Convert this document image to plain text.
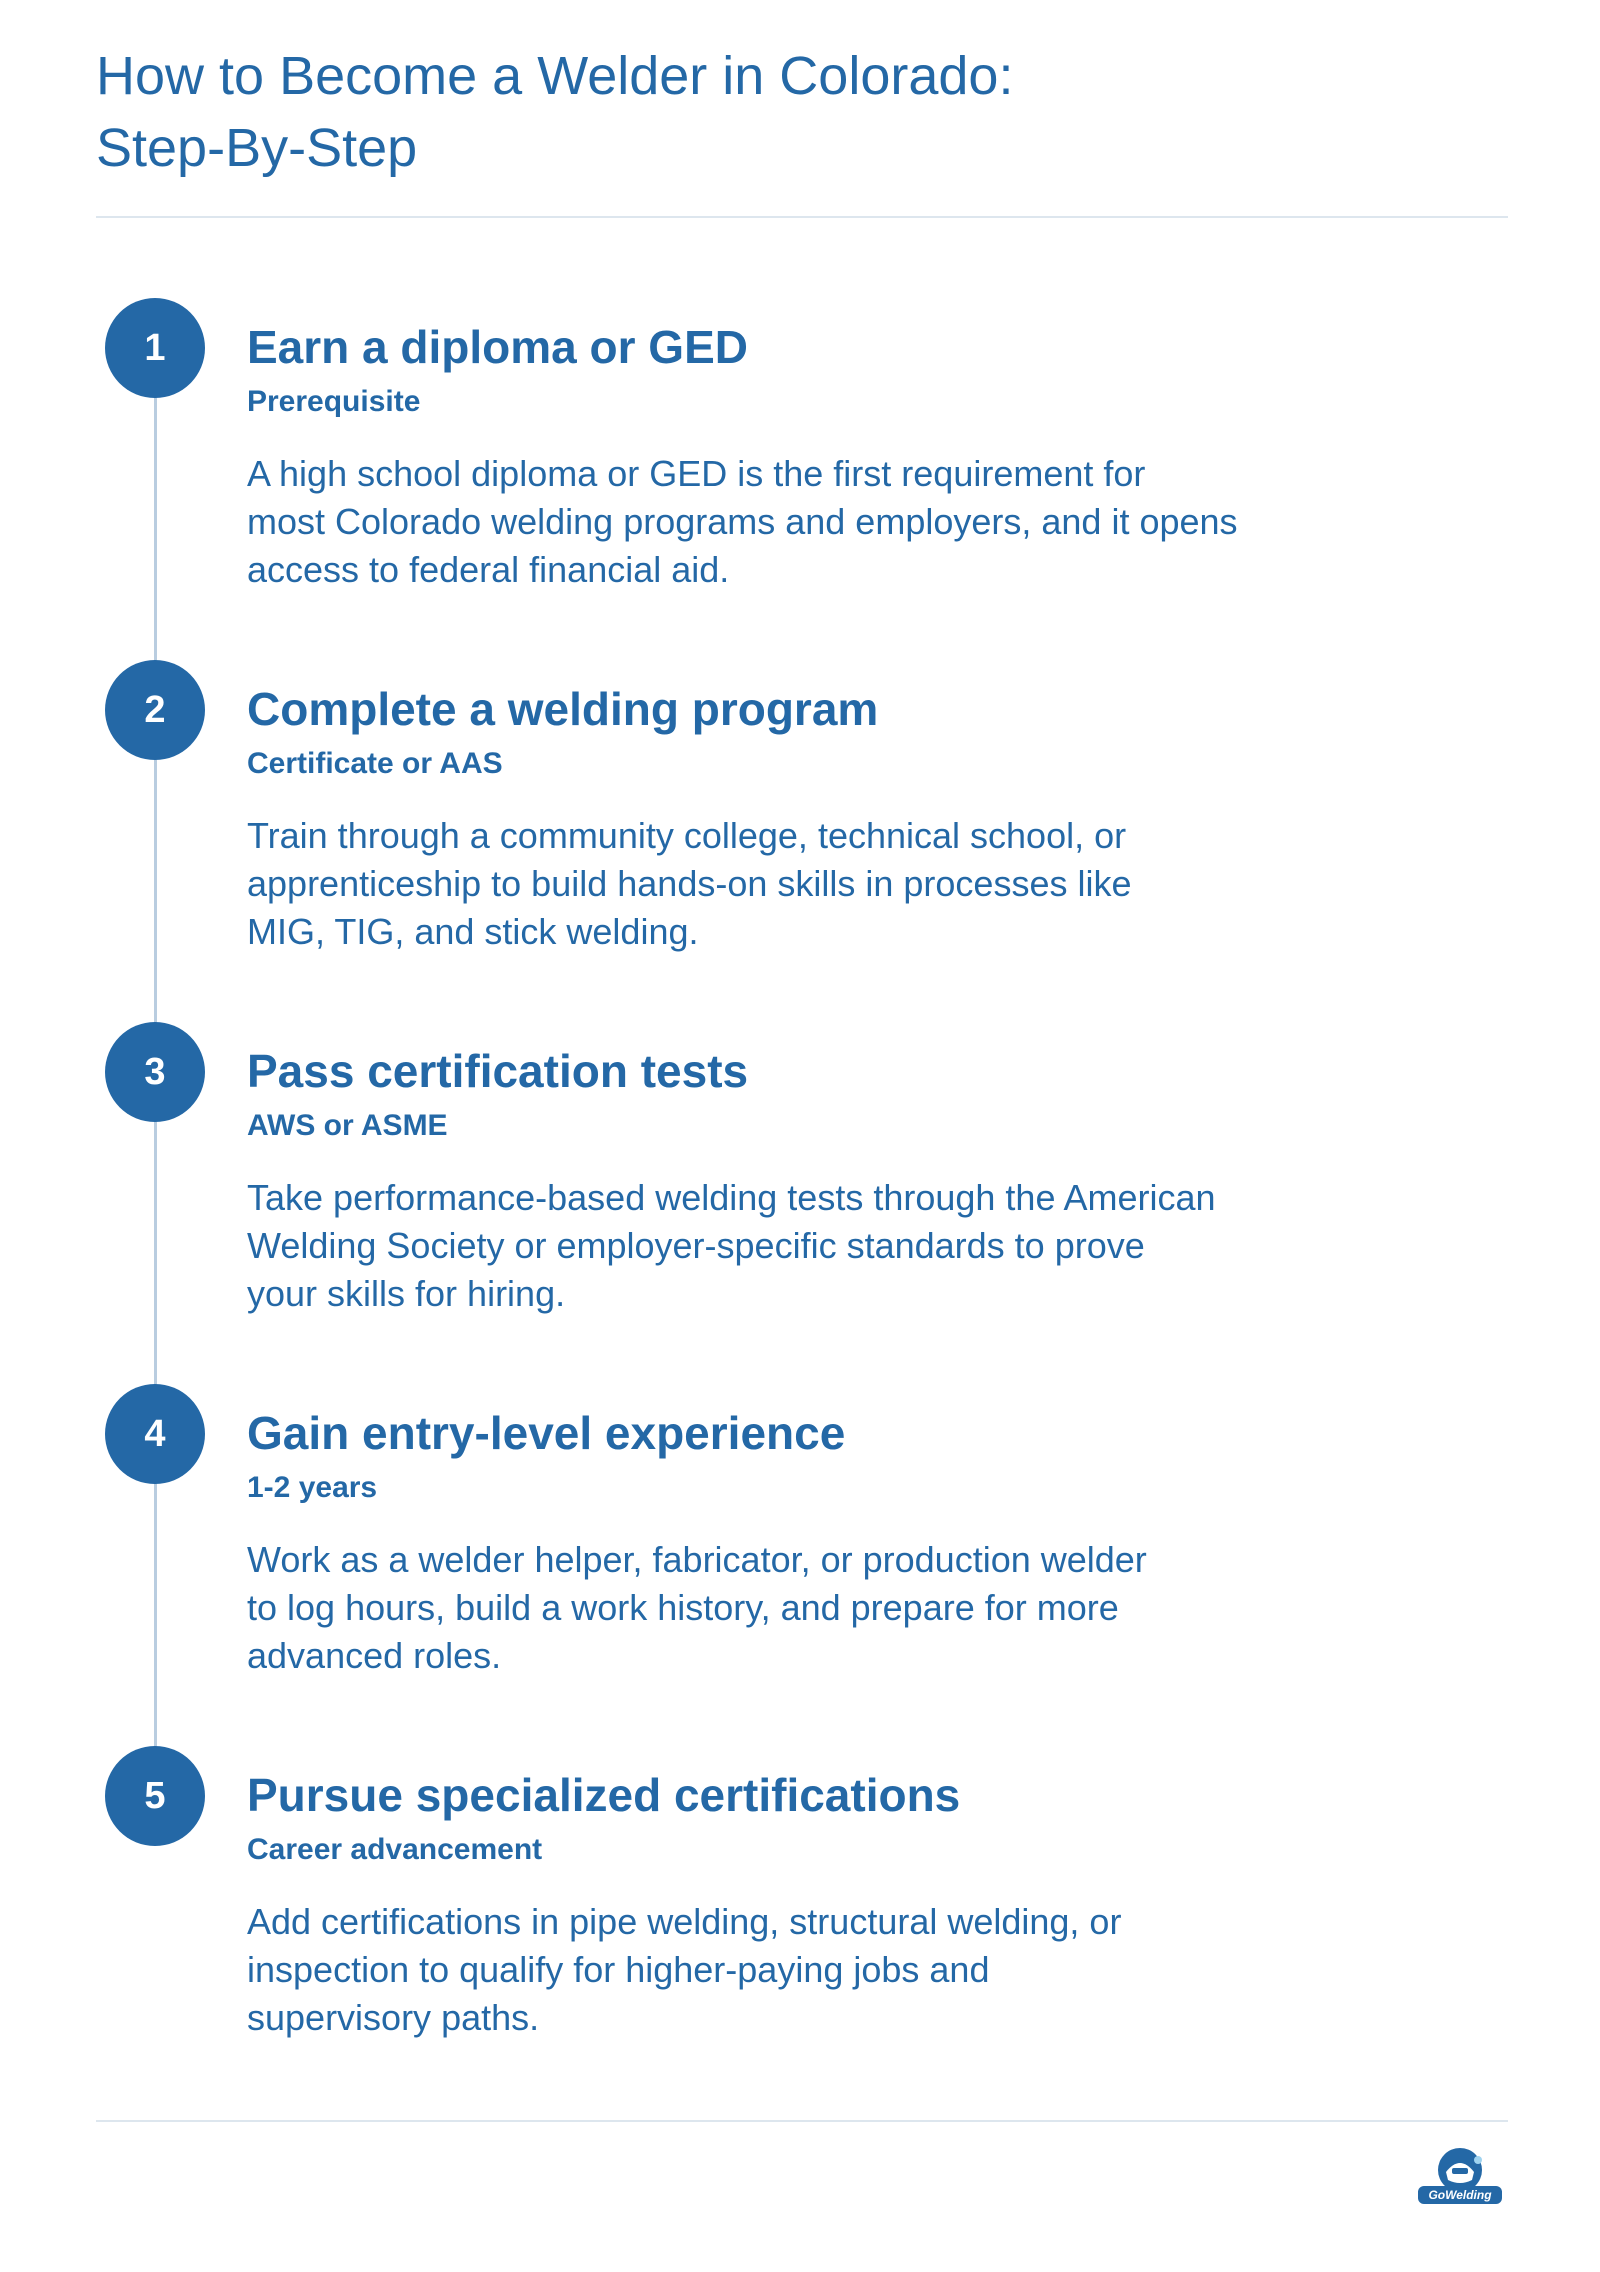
How to Become a Welder in Colorado:
Step-By-Step
1	Earn a diploma or GED
Prerequisite
A high school diploma or GED is the first requirement for
most Colorado welding programs and employers, and it opens
access to federal financial aid.
2	Complete a welding program
Certificate or AAS
Train through a community college, technical school, or
apprenticeship to build hands-on skills in processes like
MIG, TIG, and stick welding.
3	Pass certification tests
AWS or ASME
Take performance-based welding tests through the American
Welding Society or employer-specific standards to prove
your skills for hiring.
4	Gain entry-level experience
1-2 years
Work as a welder helper, fabricator, or production welder
to log hours, build a work history, and prepare for more
advanced roles.
5	Pursue specialized certifications
Career advancement
Add certifications in pipe welding, structural welding, or
inspection to qualify for higher-paying jobs and
supervisory paths.
GoWelding
